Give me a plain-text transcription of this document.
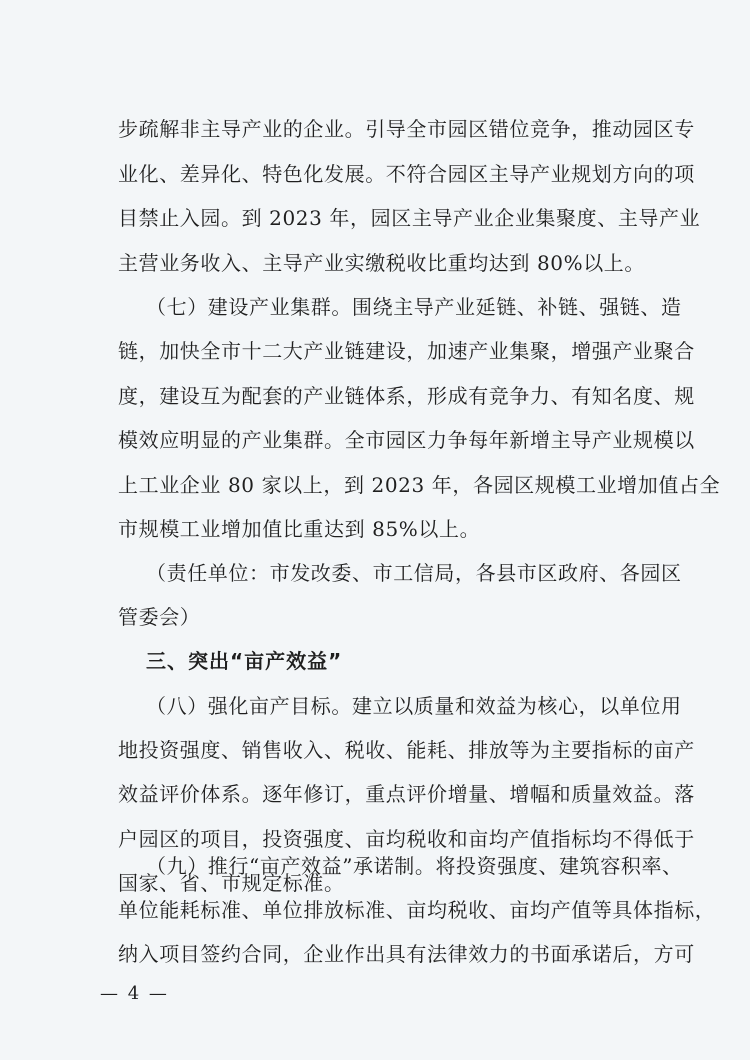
步疏解非主导产业的企业。引导全市园区错位竞争，推动园区专
业化、差异化、特色化发展。不符合园区主导产业规划方向的项
目禁止入园。到 2023 年，园区主导产业企业集聚度、主导产业
主营业务收入、主导产业实缴税收比重均达到 80%以上。
（七）建设产业集群。围绕主导产业延链、补链、强链、造
链，加快全市十二大产业链建设，加速产业集聚，增强产业聚合
度，建设互为配套的产业链体系，形成有竞争力、有知名度、规
模效应明显的产业集群。全市园区力争每年新增主导产业规模以
上工业企业 80 家以上，到 2023 年，各园区规模工业增加值占全
市规模工业增加值比重达到 85%以上。
（责任单位：市发改委、市工信局，各县市区政府、各园区
管委会）
三、突出“亩产效益”
（八）强化亩产目标。建立以质量和效益为核心，以单位用
地投资强度、销售收入、税收、能耗、排放等为主要指标的亩产
效益评价体系。逐年修订，重点评价增量、增幅和质量效益。落
户园区的项目，投资强度、亩均税收和亩均产值指标均不得低于
国家、省、市规定标准。
（九）推行“亩产效益”承诺制。将投资强度、建筑容积率、
单位能耗标准、单位排放标准、亩均税收、亩均产值等具体指标，
纳入项目签约合同，企业作出具有法律效力的书面承诺后，方可
— 4 —
